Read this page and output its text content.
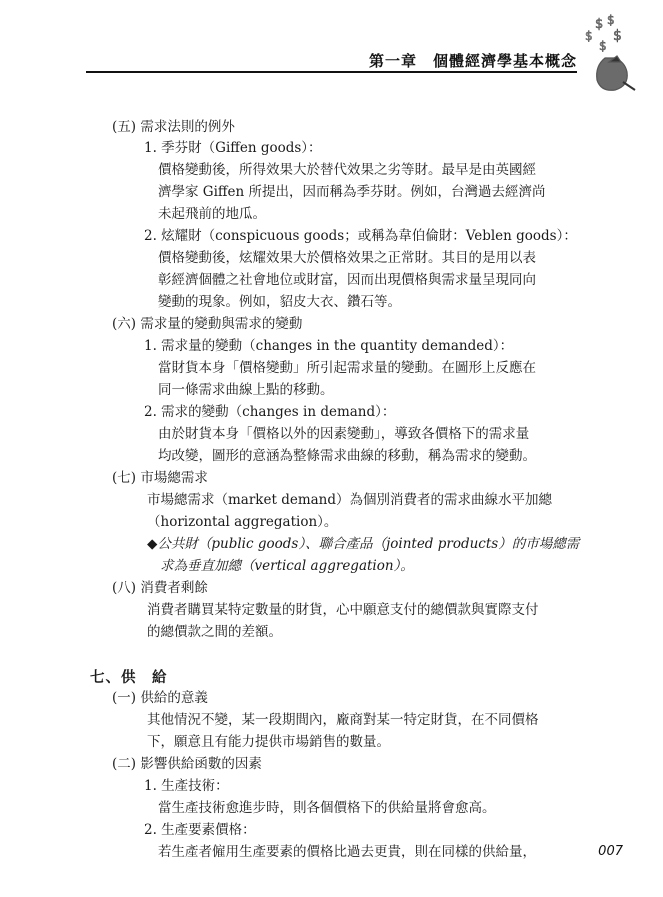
$ $
$ $
$
第一章　個體經濟學基本概念
(五) 需求法則的例外
1. 季芬財（Giffen goods）：
價格變動後，所得效果大於替代效果之劣等財。最早是由英國經
濟學家 Giffen 所提出，因而稱為季芬財。例如，台灣過去經濟尚
未起飛前的地瓜。
2. 炫耀財（conspicuous goods；或稱為韋伯倫財：Veblen goods）：
價格變動後，炫耀效果大於價格效果之正常財。其目的是用以表
彰經濟個體之社會地位或財富，因而出現價格與需求量呈現同向
變動的現象。例如，貂皮大衣、鑽石等。
(六) 需求量的變動與需求的變動
1. 需求量的變動（changes in the quantity demanded）：
當財貨本身「價格變動」所引起需求量的變動。在圖形上反應在
同一條需求曲線上點的移動。
2. 需求的變動（changes in demand）：
由於財貨本身「價格以外的因素變動」，導致各價格下的需求量
均改變，圖形的意涵為整條需求曲線的移動，稱為需求的變動。
(七) 市場總需求
市場總需求（market demand）為個別消費者的需求曲線水平加總
（horizontal aggregation）。
◆公共財（public goods）、聯合產品（jointed products）的市場總需
求為垂直加總（vertical aggregation）。
(八) 消費者剩餘
消費者購買某特定數量的財貨，心中願意支付的總價款與實際支付
的總價款之間的差額。
七、供　給
(一) 供給的意義
其他情況不變，某一段期間內，廠商對某一特定財貨，在不同價格
下，願意且有能力提供市場銷售的數量。
(二) 影響供給函數的因素
1. 生產技術：
當生產技術愈進步時，則各個價格下的供給量將會愈高。
2. 生產要素價格：
若生產者僱用生產要素的價格比過去更貴，則在同樣的供給量，	007
